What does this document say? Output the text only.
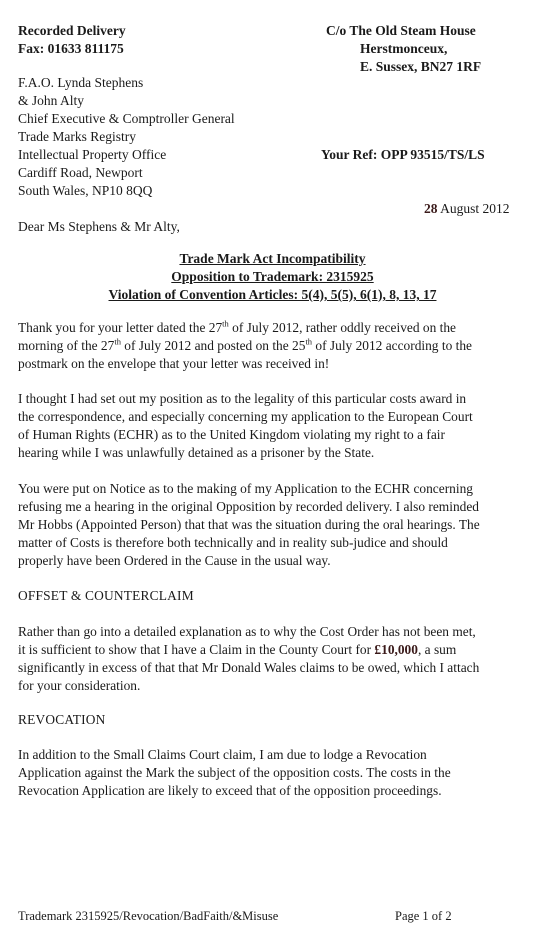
Recorded Delivery
Fax: 01633 811175
C/o The Old Steam House
Herstmonceux,
E. Sussex, BN27 1RF
F.A.O. Lynda Stephens
& John Alty
Chief Executive & Comptroller General
Trade Marks Registry
Intellectual Property Office
Cardiff Road, Newport
South Wales, NP10 8QQ
Your Ref: OPP 93515/TS/LS
28 August 2012
Dear Ms Stephens & Mr Alty,
Trade Mark Act Incompatibility
Opposition to Trademark: 2315925
Violation of Convention Articles: 5(4), 5(5), 6(1), 8, 13, 17
Thank you for your letter dated the 27th of July 2012, rather oddly received on the
morning of the 27th of July 2012 and posted on the 25th of July 2012 according to the
postmark on the envelope that your letter was received in!
I thought I had set out my position as to the legality of this particular costs award in
the correspondence, and especially concerning my application to the European Court
of Human Rights (ECHR) as to the United Kingdom violating my right to a fair
hearing while I was unlawfully detained as a prisoner by the State.
You were put on Notice as to the making of my Application to the ECHR concerning
refusing me a hearing in the original Opposition by recorded delivery. I also reminded
Mr Hobbs (Appointed Person) that that was the situation during the oral hearings. The
matter of Costs is therefore both technically and in reality sub-judice and should
properly have been Ordered in the Cause in the usual way.
OFFSET & COUNTERCLAIM
Rather than go into a detailed explanation as to why the Cost Order has not been met,
it is sufficient to show that I have a Claim in the County Court for £10,000, a sum
significantly in excess of that that Mr Donald Wales claims to be owed, which I attach
for your consideration.
REVOCATION
In addition to the Small Claims Court claim, I am due to lodge a Revocation
Application against the Mark the subject of the opposition costs. The costs in the
Revocation Application are likely to exceed that of the opposition proceedings.
Trademark 2315925/Revocation/BadFaith/&Misuse	Page 1 of 2
